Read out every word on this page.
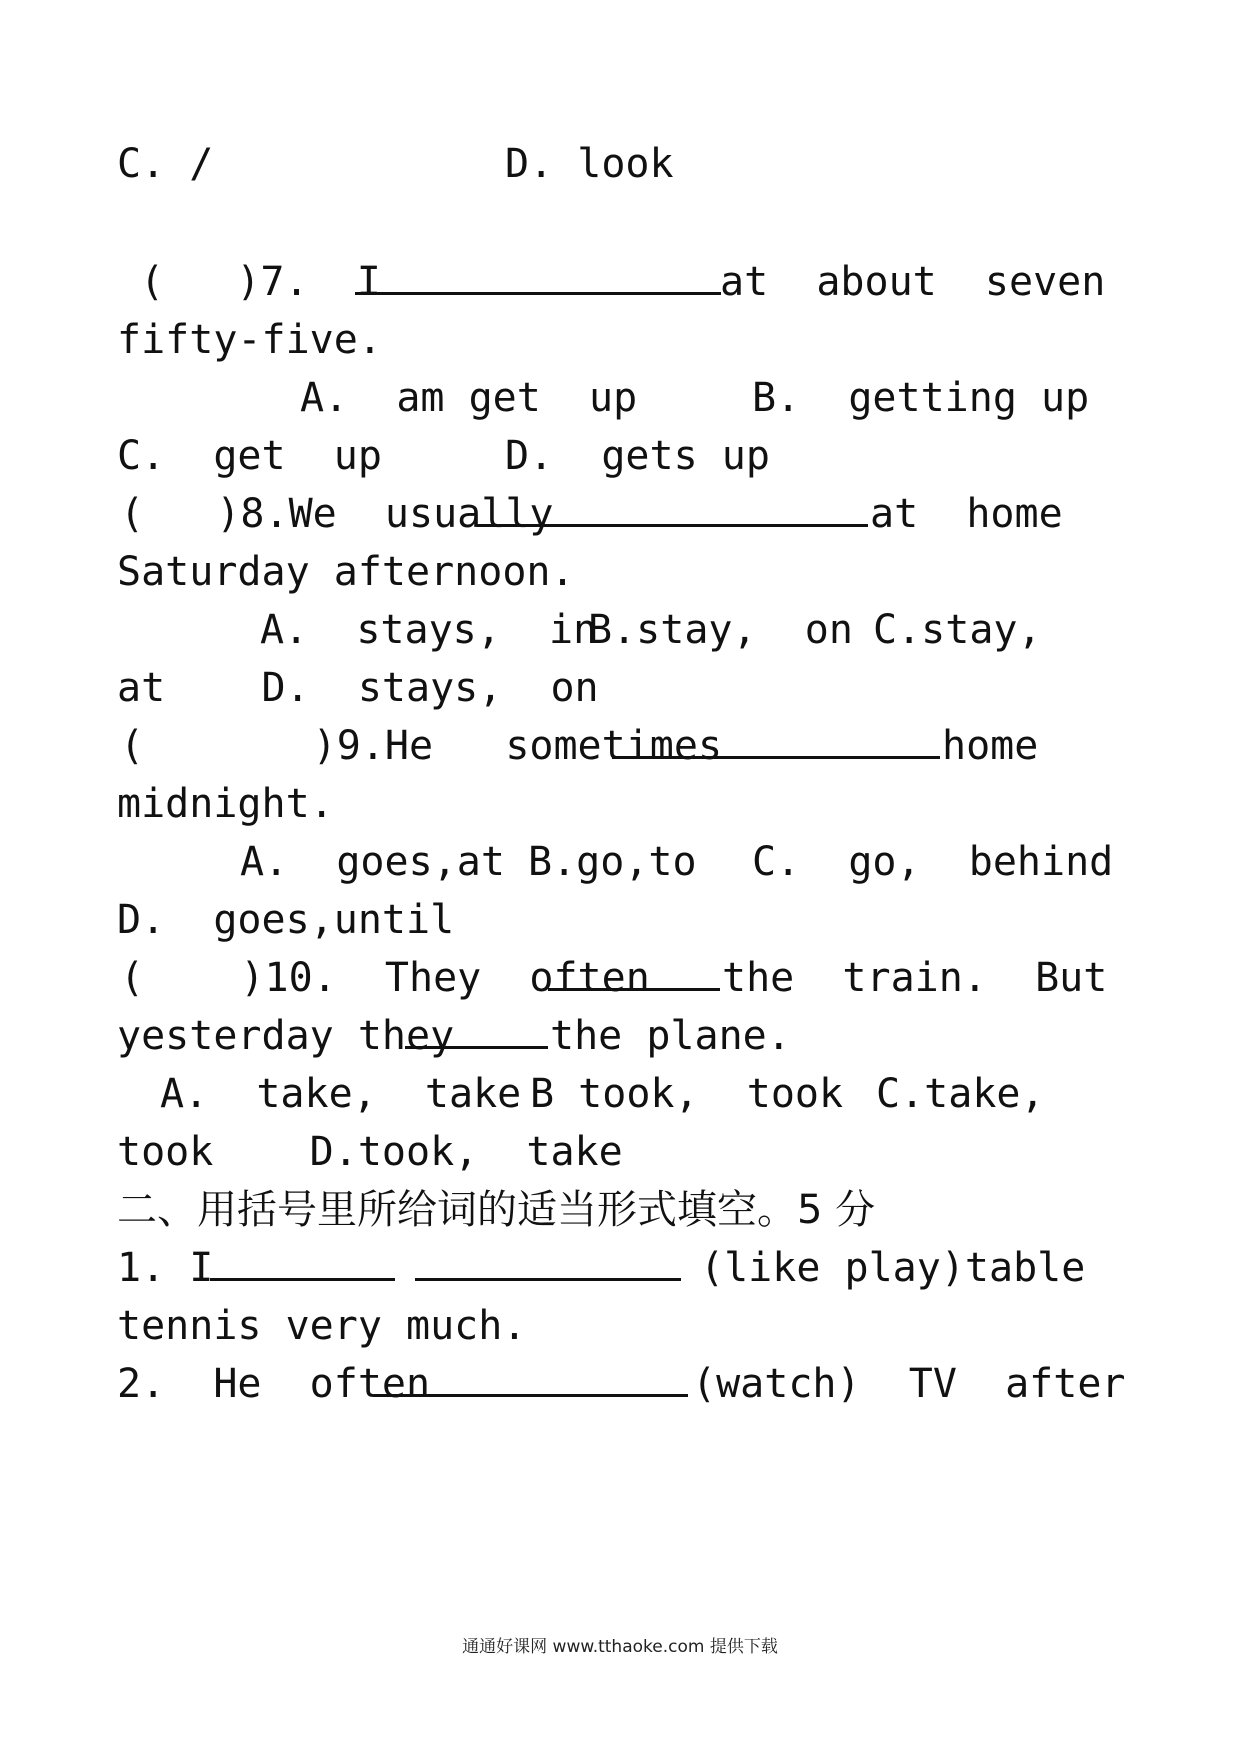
C. /	D. look
(   )7.  I	at  about  seven
fifty-five.
A.  am get  up	B.  getting up
C.  get  up	D.  gets up
(   )8.We  usually	at  home
Saturday afternoon.
A.  stays,  in
B.stay,  on C.stay,
at    D.  stays,  on
(       )9.He   sometimes	home
midnight.
A.  goes,at B.go,to C.  go,  behind
D.  goes,until
(    )10.  They  often the  train.  But
yesterday they the plane.
A.  take,  take B took,  took C.take,
took    D.took,  take
二、用括号里所给词的适当形式填空。5 分
1. I	(like play)table
tennis very much.
2.  He  often	(watch)  TV  after
通通好课网 www.tthaoke.com 提供下载
